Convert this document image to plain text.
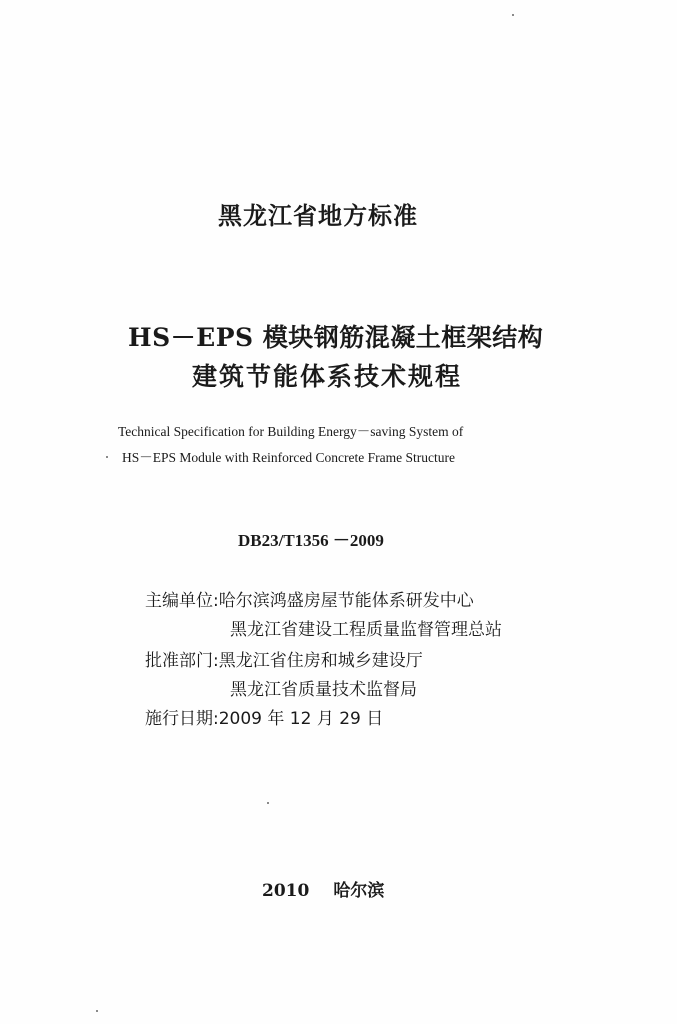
黑龙江省地方标准
HS－EPS 模块钢筋混凝土框架结构
建筑节能体系技术规程

Technical Specification for Building Energy－saving System of

HS－EPS Module with Reinforced Concrete Frame Structure

DB23/T1356 －2009

主编单位:哈尔滨鸿盛房屋节能体系研发中心

黑龙江省建设工程质量监督管理总站

批准部门:黑龙江省住房和城乡建设厅

黑龙江省质量技术监督局

施行日期:2009 年 12 月 29 日

2010 哈尔滨
